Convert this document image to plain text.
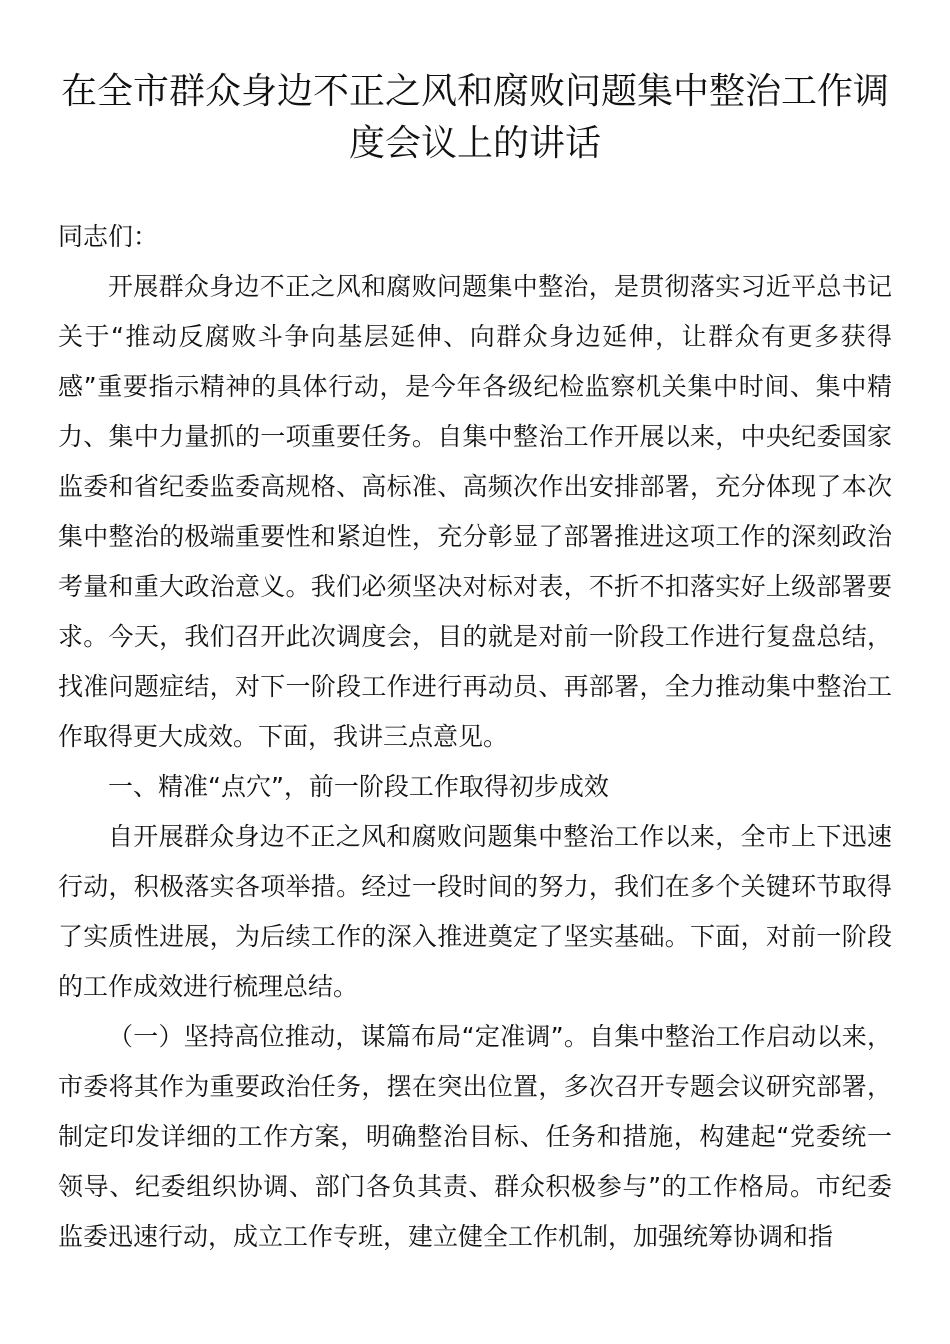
在全市群众身边不正之风和腐败问题集中整治工作调度会议上的讲话

同志们：

开展群众身边不正之风和腐败问题集中整治，是贯彻落实习近平总书记关于“推动反腐败斗争向基层延伸、向群众身边延伸，让群众有更多获得感”重要指示精神的具体行动，是今年各级纪检监察机关集中时间、集中精力、集中力量抓的一项重要任务。自集中整治工作开展以来，中央纪委国家监委和省纪委监委高规格、高标准、高频次作出安排部署，充分体现了本次集中整治的极端重要性和紧迫性，充分彰显了部署推进这项工作的深刻政治考量和重大政治意义。我们必须坚决对标对表，不折不扣落实好上级部署要求。今天，我们召开此次调度会，目的就是对前一阶段工作进行复盘总结，找准问题症结，对下一阶段工作进行再动员、再部署，全力推动集中整治工作取得更大成效。下面，我讲三点意见。

一、精准“点穴”，前一阶段工作取得初步成效

自开展群众身边不正之风和腐败问题集中整治工作以来，全市上下迅速行动，积极落实各项举措。经过一段时间的努力，我们在多个关键环节取得了实质性进展，为后续工作的深入推进奠定了坚实基础。下面，对前一阶段的工作成效进行梳理总结。

（一）坚持高位推动，谋篇布局“定准调”。自集中整治工作启动以来，市委将其作为重要政治任务，摆在突出位置，多次召开专题会议研究部署，制定印发详细的工作方案，明确整治目标、任务和措施，构建起“党委统一领导、纪委组织协调、部门各负其责、群众积极参与”的工作格局。市纪委监委迅速行动，成立工作专班，建立健全工作机制，加强统筹协调和指
